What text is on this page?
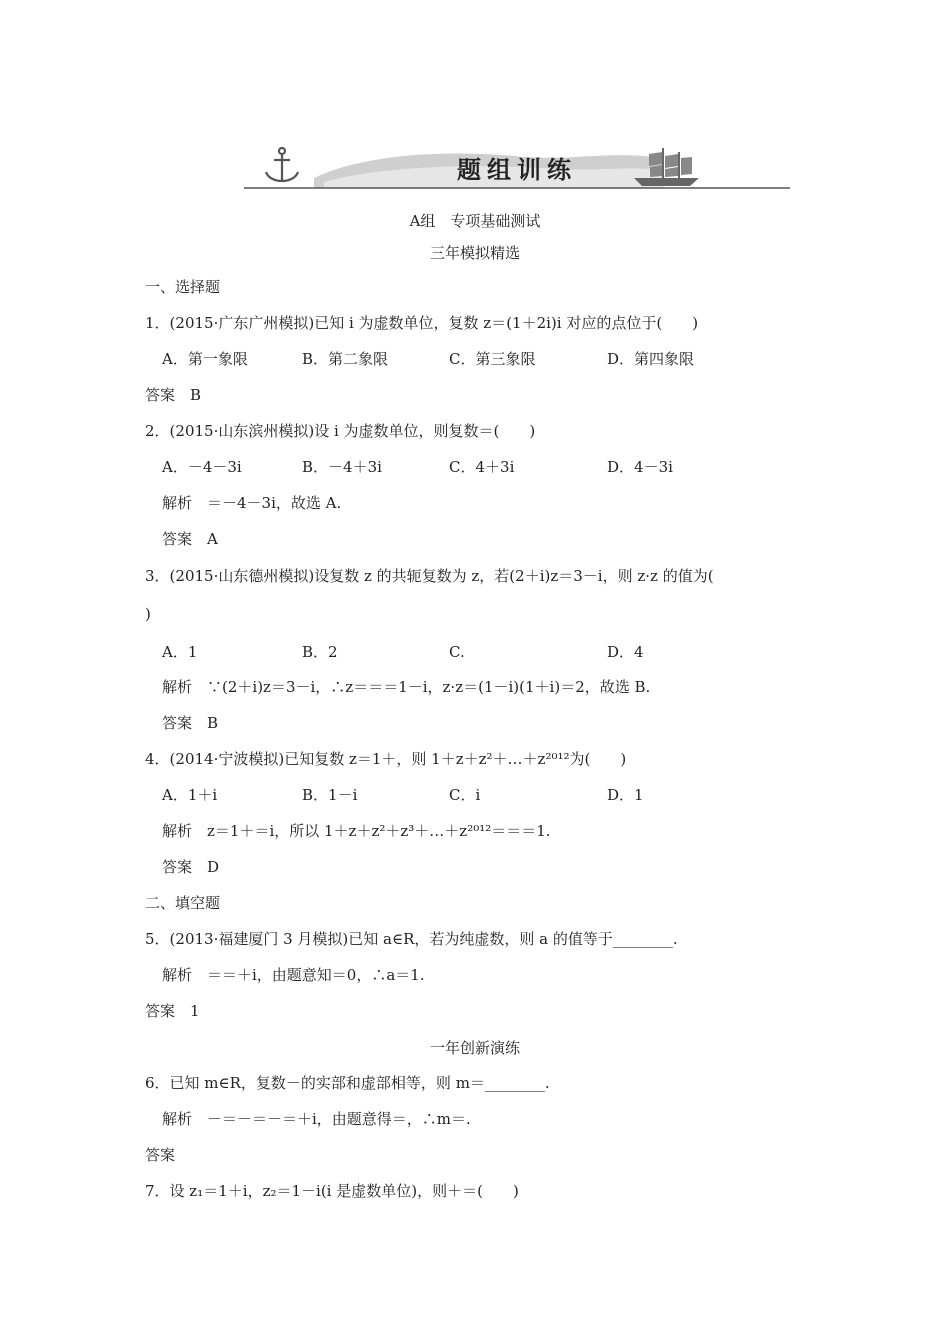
题组训练
A组　专项基础测试
三年模拟精选
一、选择题
1．(2015·广东广州模拟)已知 i 为虚数单位，复数 z＝(1＋2i)i 对应的点位于(　　)
A．第一象限	B．第二象限	C．第三象限	D．第四象限
答案　B
2．(2015·山东滨州模拟)设 i 为虚数单位，则复数＝(　　)
A．－4－3i	B．－4＋3i	C．4＋3i	D．4－3i
解析　＝－4－3i，故选 A.
答案　A
3．(2015·山东德州模拟)设复数 z 的共轭复数为 z，若(2＋i)z＝3－i，则 z·z 的值为(
)
A．1	B．2	C.	D．4
解析　∵(2＋i)z＝3－i，∴z＝＝＝1－i，z·z＝(1－i)(1＋i)＝2，故选 B.
答案　B
4．(2014·宁波模拟)已知复数 z＝1＋，则 1＋z＋z²＋…＋z²⁰¹²为(　　)
A．1＋i	B．1－i	C．i	D．1
解析　z＝1＋＝i，所以 1＋z＋z²＋z³＋…＋z²⁰¹²＝＝＝1.
答案　D
二、填空题
5．(2013·福建厦门 3 月模拟)已知 a∈R，若为纯虚数，则 a 的值等于________.
解析　＝＝＋i，由题意知＝0，∴a＝1.
答案　1
一年创新演练
6．已知 m∈R，复数－的实部和虚部相等，则 m＝________.
解析　－＝－＝－＝＋i，由题意得＝，∴m＝.
答案
7．设 z₁＝1＋i，z₂＝1－i(i 是虚数单位)，则＋＝(　　)
